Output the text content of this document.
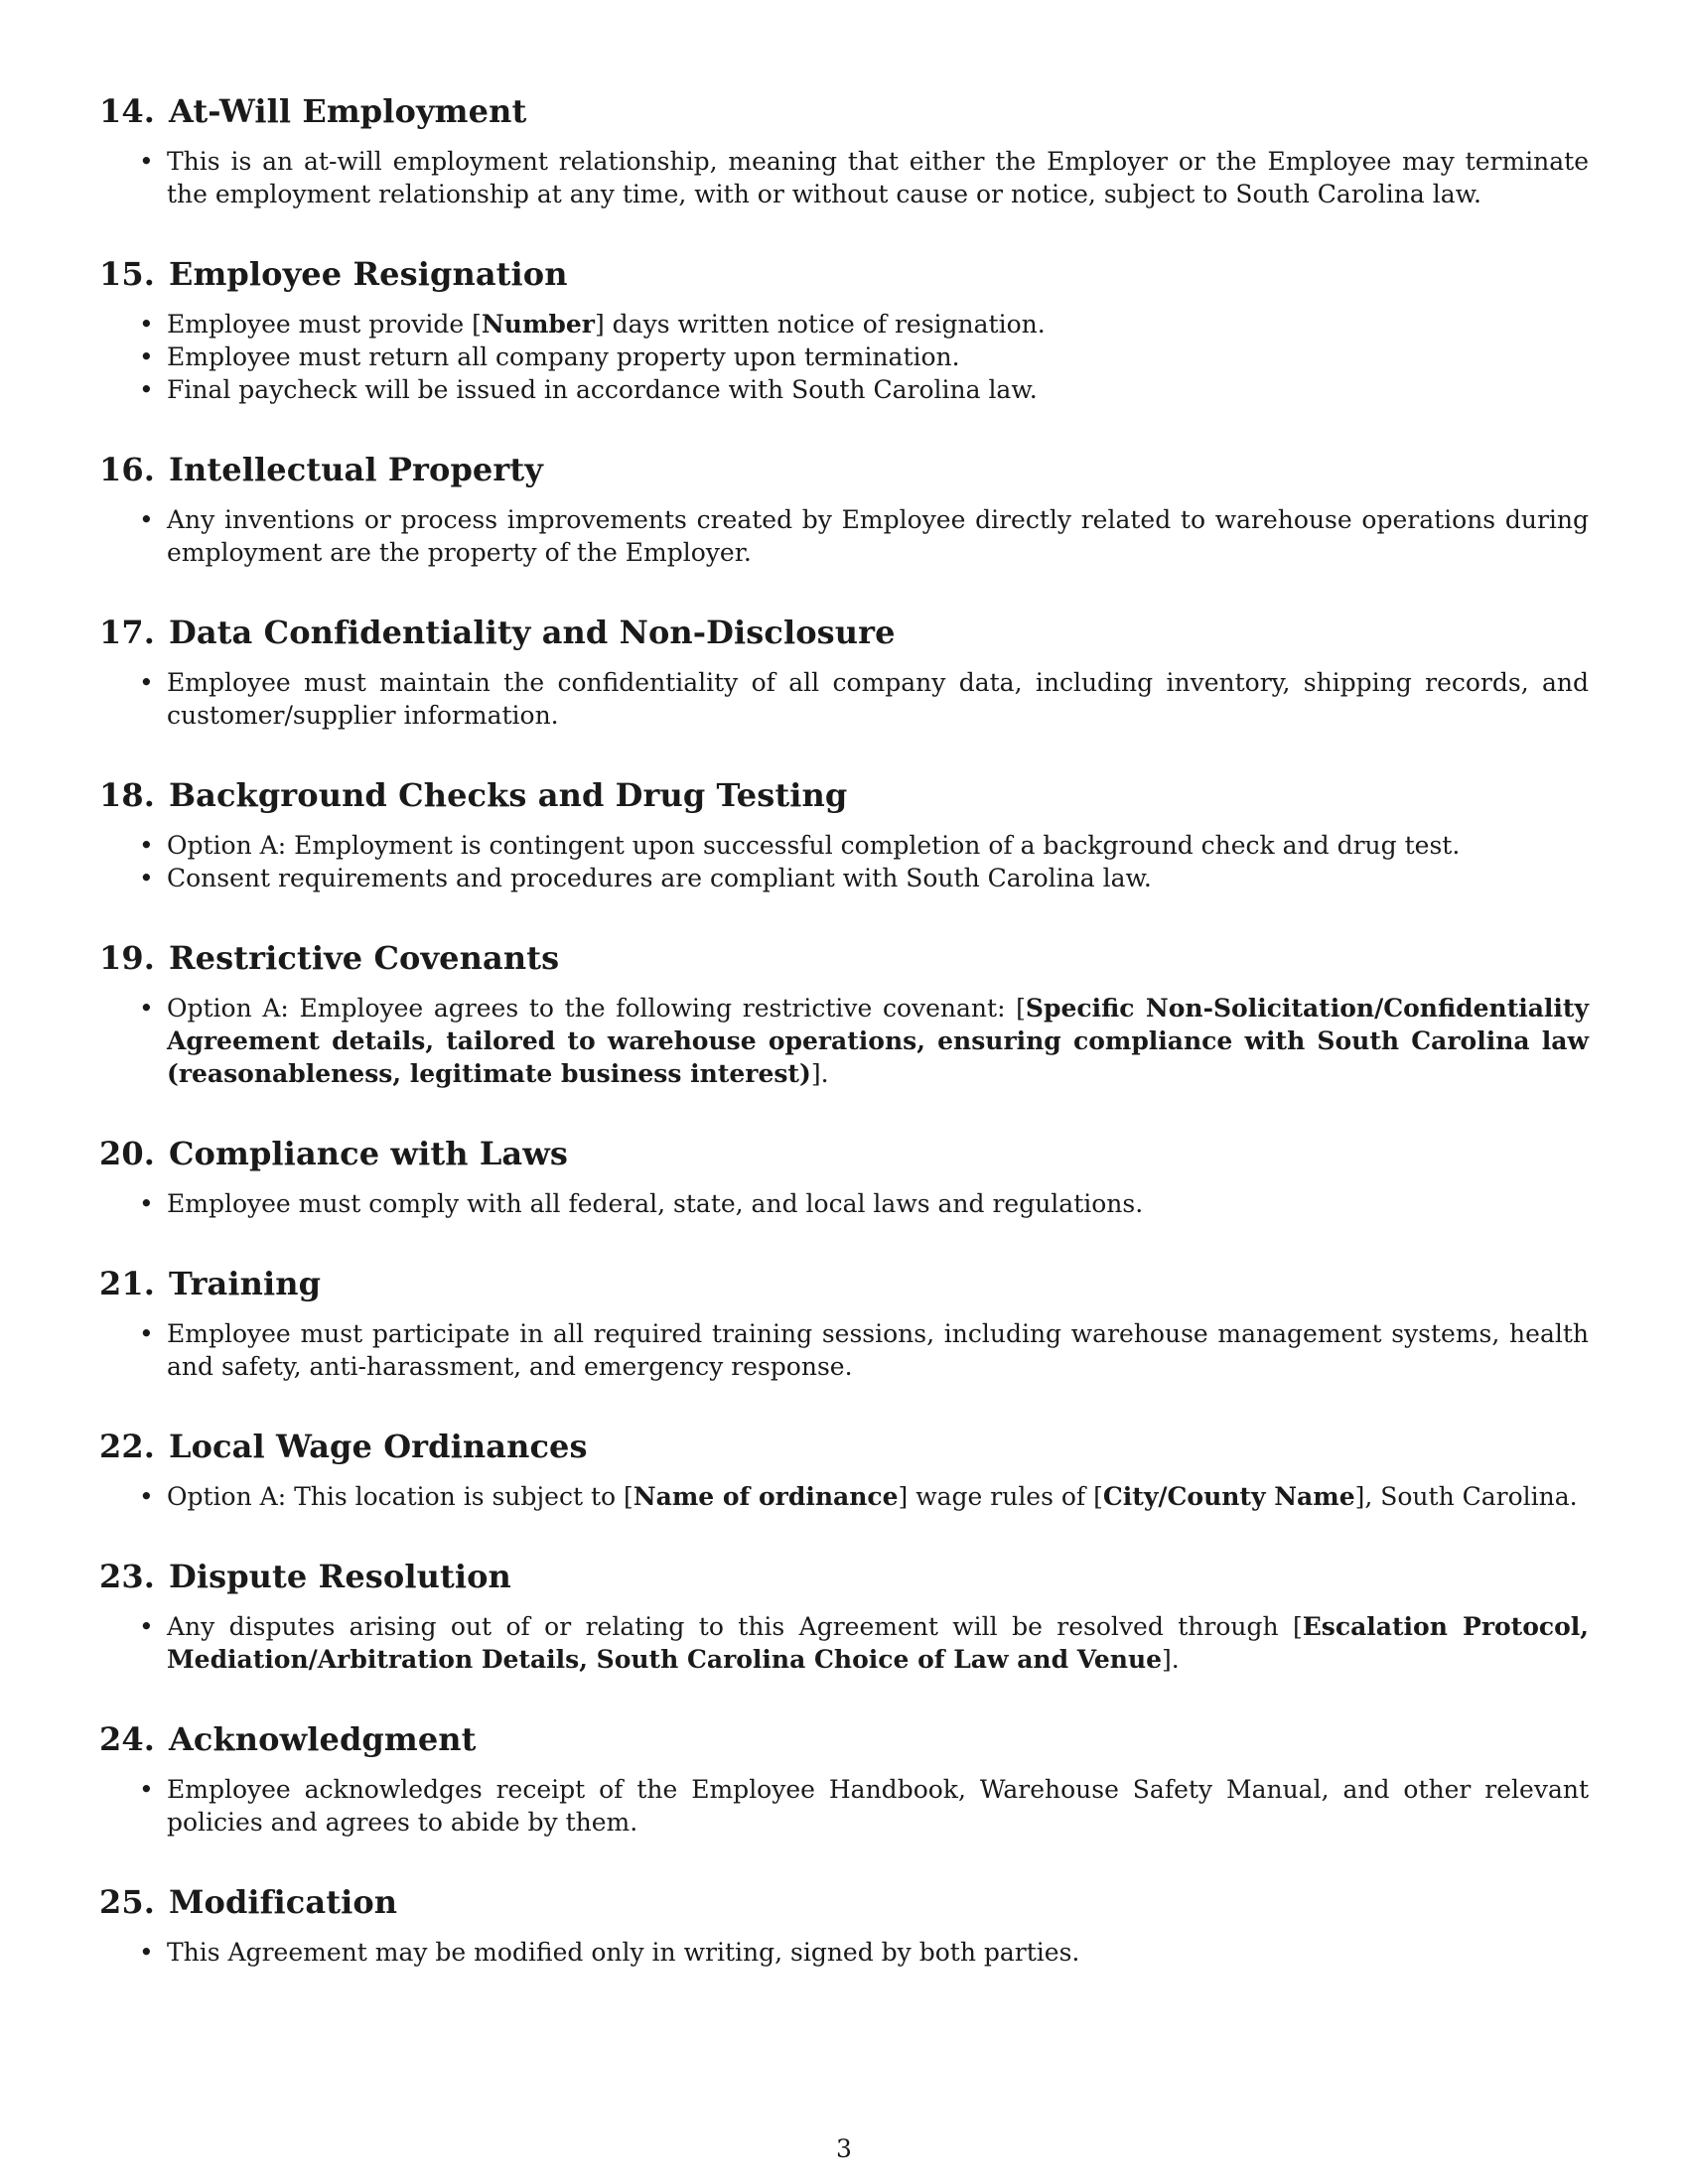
14. At-Will Employment
• This is an at-will employment relationship, meaning that either the Employer or the Employee may terminate the employment relationship at any time, with or without cause or notice, subject to South Carolina law.
15. Employee Resignation
• Employee must provide [Number] days written notice of resignation.
• Employee must return all company property upon termination.
• Final paycheck will be issued in accordance with South Carolina law.
16. Intellectual Property
• Any inventions or process improvements created by Employee directly related to warehouse operations during employment are the property of the Employer.
17. Data Confidentiality and Non-Disclosure
• Employee must maintain the confidentiality of all company data, including inventory, shipping records, and customer/supplier information.
18. Background Checks and Drug Testing
• Option A: Employment is contingent upon successful completion of a background check and drug test.
• Consent requirements and procedures are compliant with South Carolina law.
19. Restrictive Covenants
• Option A: Employee agrees to the following restrictive covenant: [Specific Non-Solicitation/Confidentiality Agreement details, tailored to warehouse operations, ensuring compliance with South Carolina law (reasonableness, legitimate business interest)].
20. Compliance with Laws
• Employee must comply with all federal, state, and local laws and regulations.
21. Training
• Employee must participate in all required training sessions, including warehouse management systems, health and safety, anti-harassment, and emergency response.
22. Local Wage Ordinances
• Option A: This location is subject to [Name of ordinance] wage rules of [City/County Name], South Carolina.
23. Dispute Resolution
• Any disputes arising out of or relating to this Agreement will be resolved through [Escalation Protocol, Mediation/Arbitration Details, South Carolina Choice of Law and Venue].
24. Acknowledgment
• Employee acknowledges receipt of the Employee Handbook, Warehouse Safety Manual, and other relevant policies and agrees to abide by them.
25. Modification
• This Agreement may be modified only in writing, signed by both parties.
3
